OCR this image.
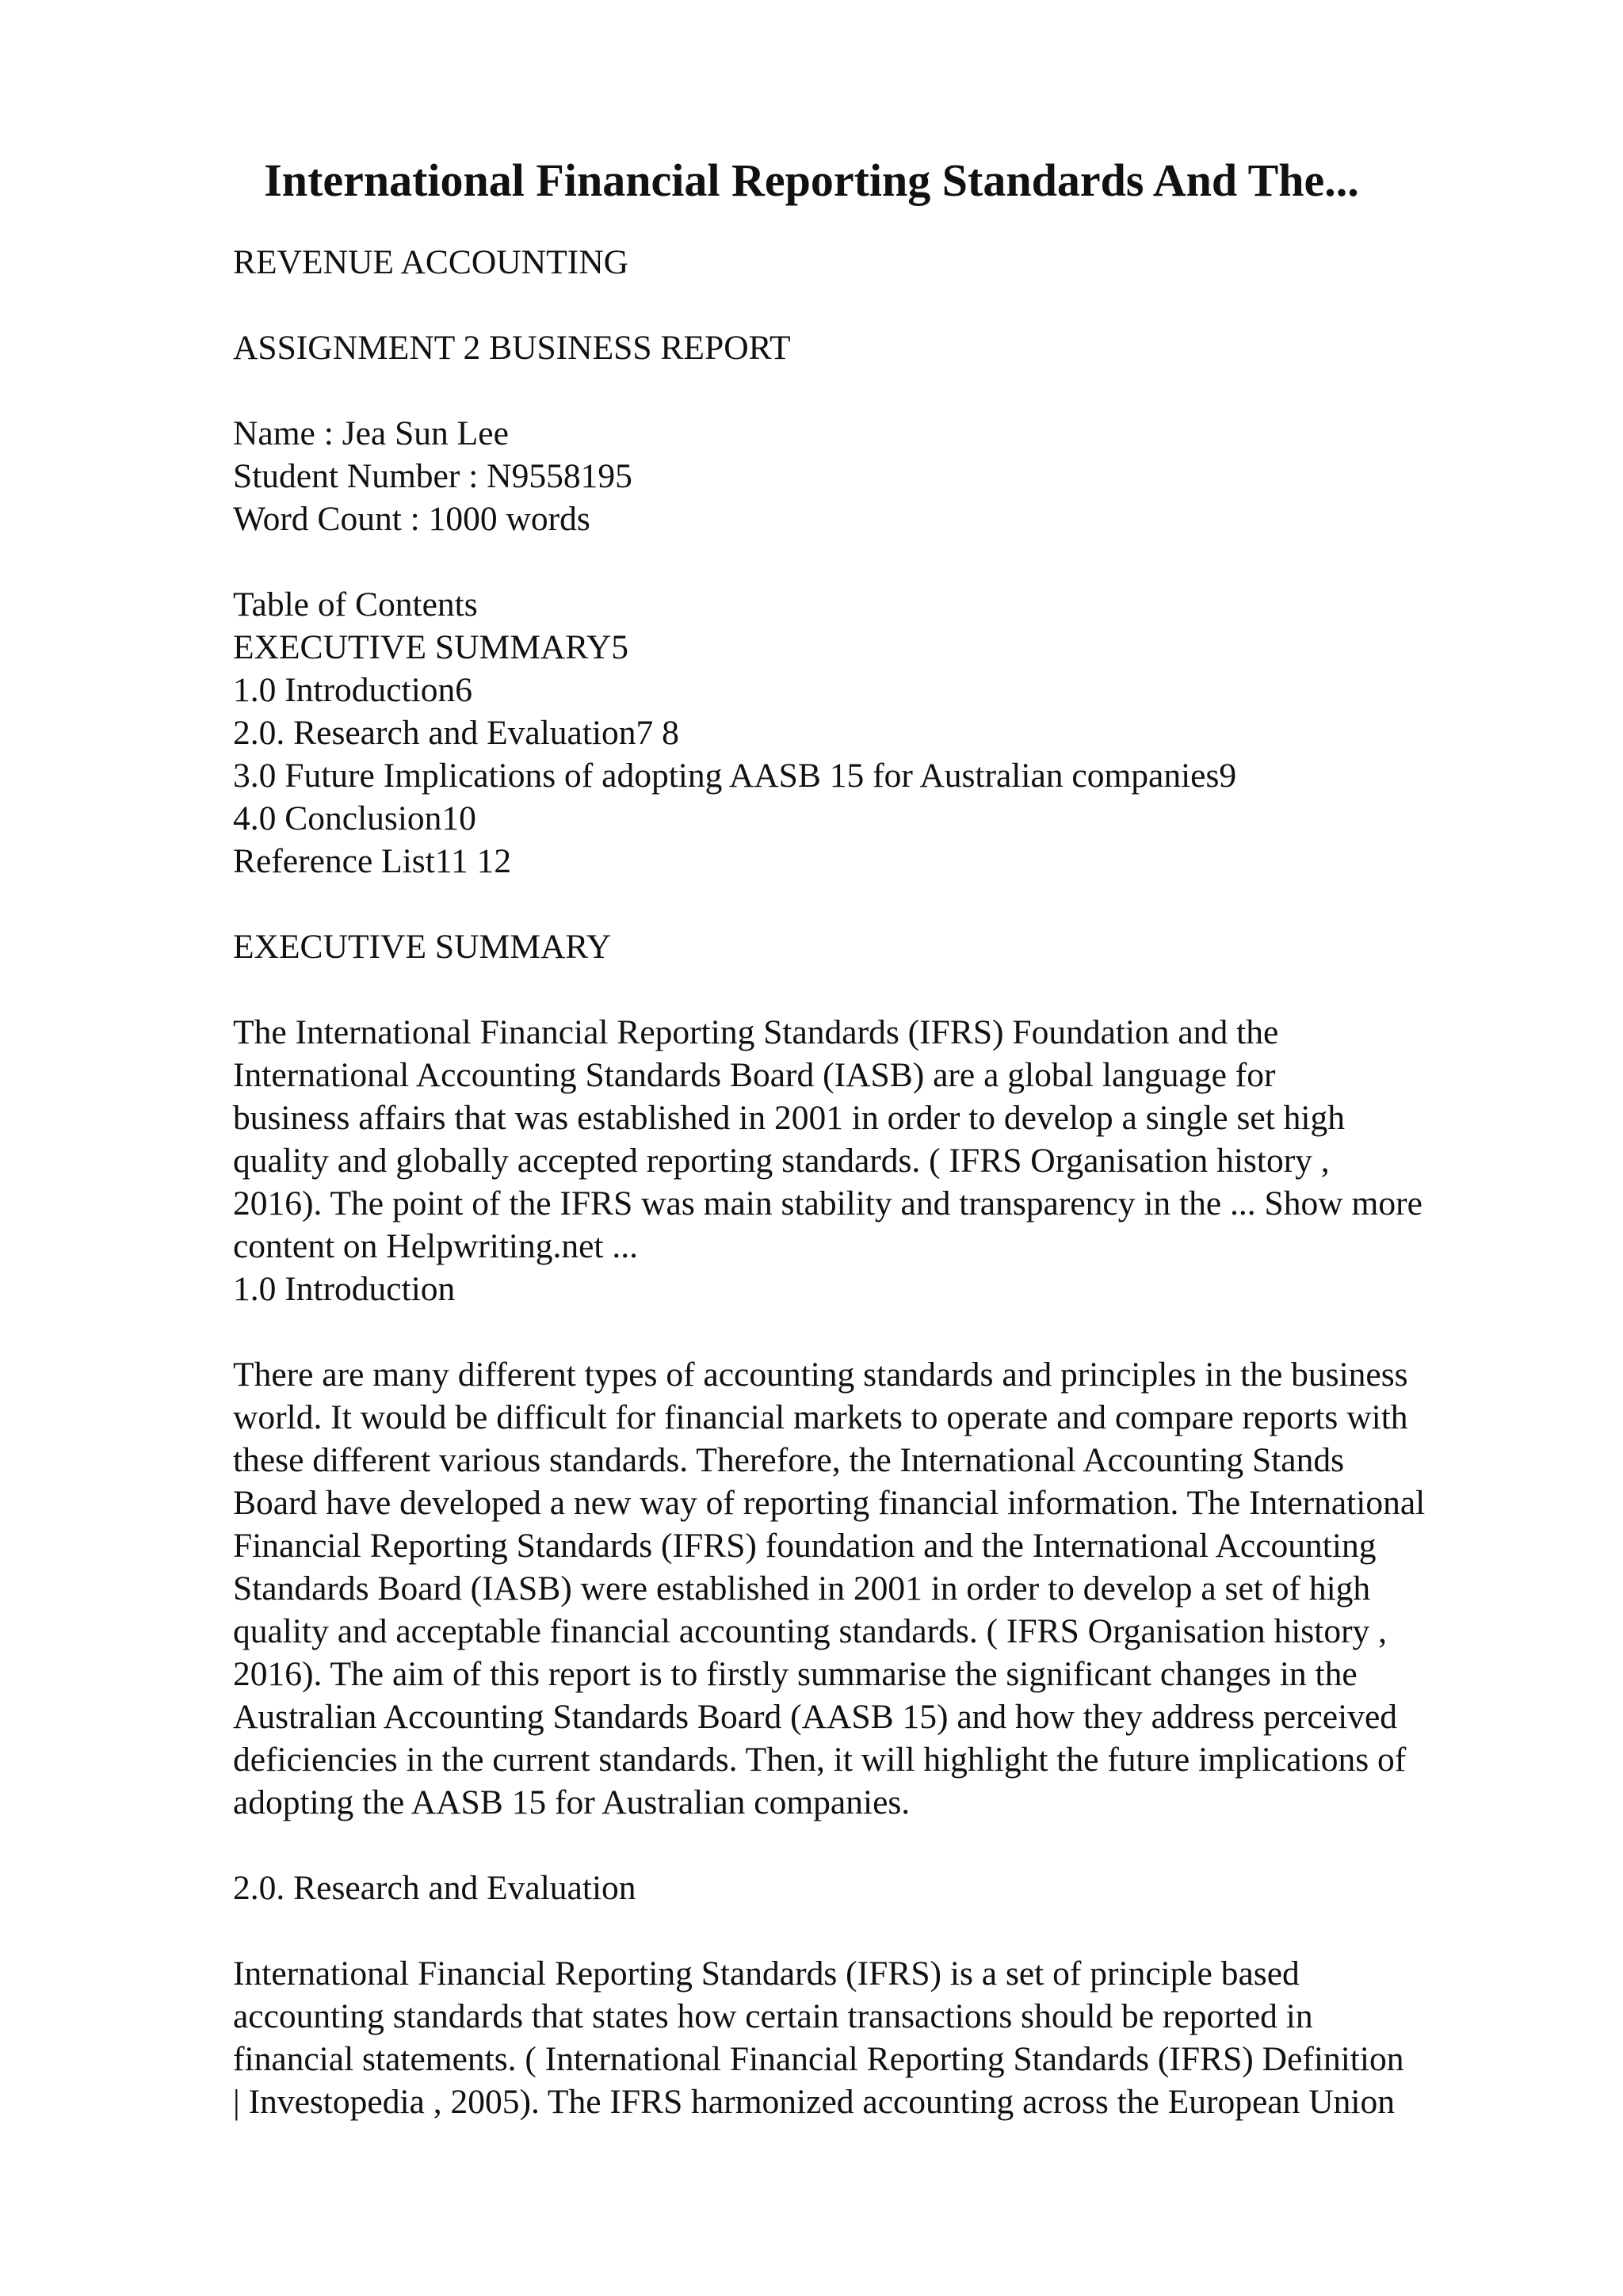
International Financial Reporting Standards And The...
REVENUE ACCOUNTING
ASSIGNMENT 2 BUSINESS REPORT
Name : Jea Sun Lee
Student Number : N9558195
Word Count : 1000 words
Table of Contents
EXECUTIVE SUMMARY5
1.0 Introduction6
2.0. Research and Evaluation7 8
3.0 Future Implications of adopting AASB 15 for Australian companies9
4.0 Conclusion10
Reference List11 12
EXECUTIVE SUMMARY
The International Financial Reporting Standards (IFRS) Foundation and the
International Accounting Standards Board (IASB) are a global language for
business affairs that was established in 2001 in order to develop a single set high
quality and globally accepted reporting standards. ( IFRS Organisation history ,
2016). The point of the IFRS was main stability and transparency in the ... Show more
content on Helpwriting.net ...
1.0 Introduction
There are many different types of accounting standards and principles in the business
world. It would be difficult for financial markets to operate and compare reports with
these different various standards. Therefore, the International Accounting Stands
Board have developed a new way of reporting financial information. The International
Financial Reporting Standards (IFRS) foundation and the International Accounting
Standards Board (IASB) were established in 2001 in order to develop a set of high
quality and acceptable financial accounting standards. ( IFRS Organisation history ,
2016). The aim of this report is to firstly summarise the significant changes in the
Australian Accounting Standards Board (AASB 15) and how they address perceived
deficiencies in the current standards. Then, it will highlight the future implications of
adopting the AASB 15 for Australian companies.
2.0. Research and Evaluation
International Financial Reporting Standards (IFRS) is a set of principle based
accounting standards that states how certain transactions should be reported in
financial statements. ( International Financial Reporting Standards (IFRS) Definition
| Investopedia , 2005). The IFRS harmonized accounting across the European Union
